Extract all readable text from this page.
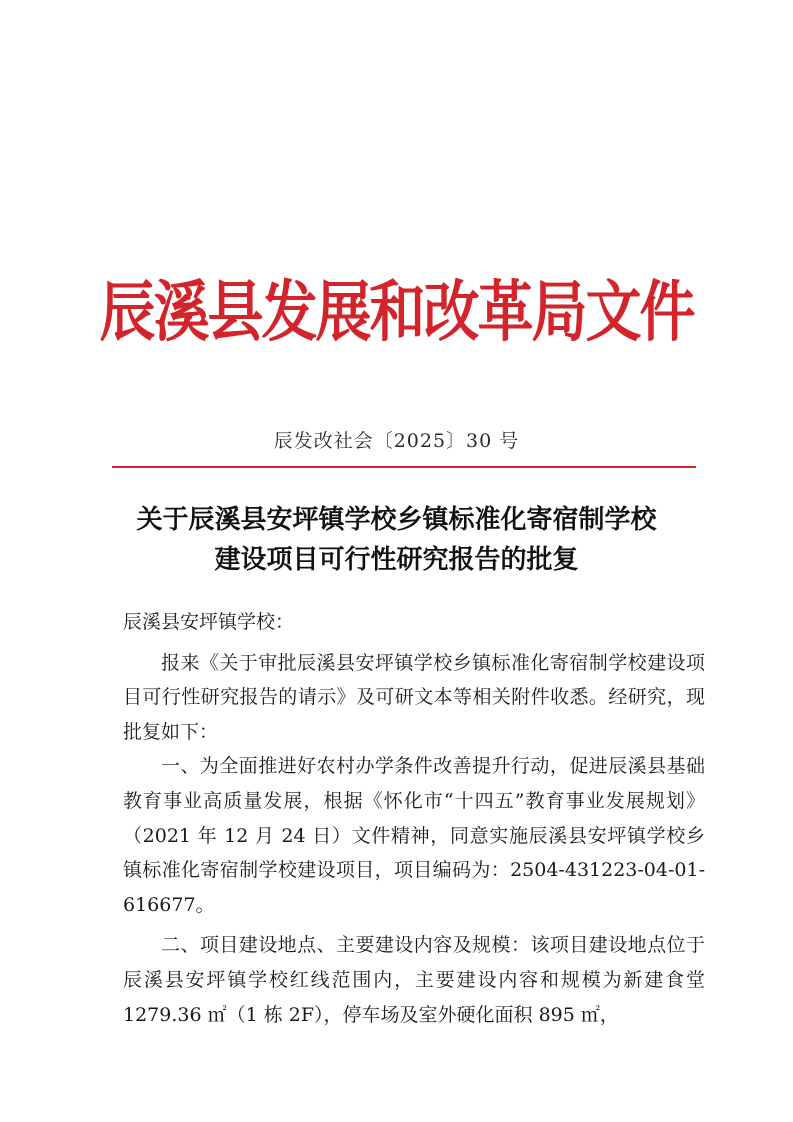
辰溪县发展和改革局文件
辰发改社会〔2025〕30 号
关于辰溪县安坪镇学校乡镇标准化寄宿制学校
建设项目可行性研究报告的批复

辰溪县安坪镇学校：

报来《关于审批辰溪县安坪镇学校乡镇标准化寄宿制学校建设项目可行性研究报告的请示》及可研文本等相关附件收悉。经研究，现批复如下：

一、为全面推进好农村办学条件改善提升行动，促进辰溪县基础教育事业高质量发展，根据《怀化市“十四五”教育事业发展规划》（2021 年 12 月 24 日）文件精神，同意实施辰溪县安坪镇学校乡镇标准化寄宿制学校建设项目，项目编码为：2504-431223-04-01-616677。

二、项目建设地点、主要建设内容及规模：该项目建设地点位于辰溪县安坪镇学校红线范围内，主要建设内容和规模为新建食堂 1279.36 ㎡（1 栋 2F），停车场及室外硬化面积 895 ㎡，
